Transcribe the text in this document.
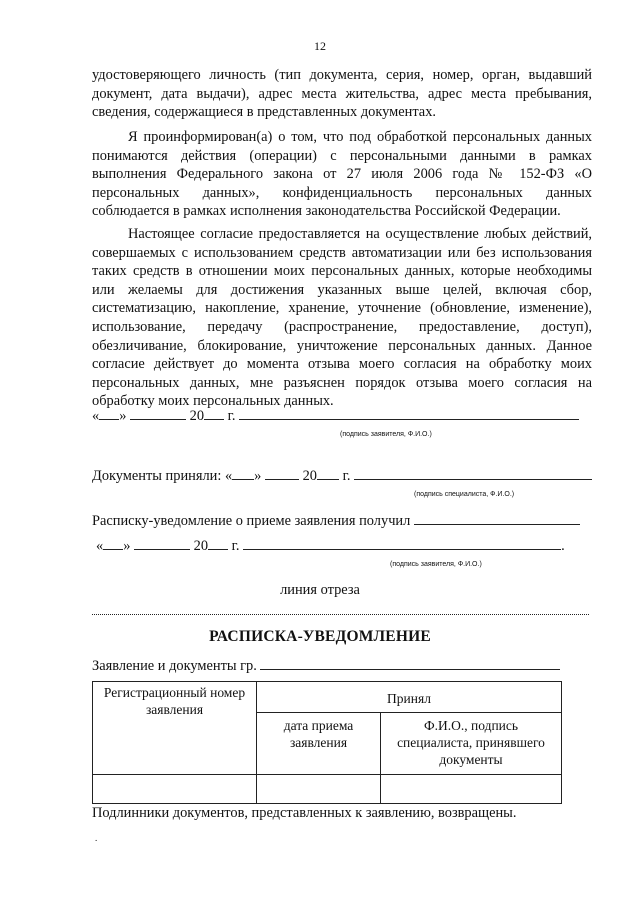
12
удостоверяющего личность (тип документа, серия, номер, орган, выдавший документ, дата выдачи), адрес места жительства, адрес места пребывания, сведения, содержащиеся в представленных документах.
Я проинформирован(а) о том, что под обработкой персональных данных понимаются действия (операции) с персональными данными в рамках выполнения Федерального закона от 27 июля 2006 года № 152-ФЗ «О персональных данных», конфиденциальность персональных данных соблюдается в рамках исполнения законодательства Российской Федерации.
Настоящее согласие предоставляется на осуществление любых действий, совершаемых с использованием средств автоматизации или без использования таких средств в отношении моих персональных данных, которые необходимы или желаемы для достижения указанных выше целей, включая сбор, систематизацию, накопление, хранение, уточнение (обновление, изменение), использование, передачу (распространение, предоставление, доступ), обезличивание, блокирование, уничтожение персональных данных. Данное согласие действует до момента отзыва моего согласия на обработку моих персональных данных, мне разъяснен порядок отзыва моего согласия на обработку моих персональных данных.
« »	20 г.
(подпись заявителя, Ф.И.О.)
Документы приняли: « »	20 г.
(подпись специалиста, Ф.И.О.)
Расписку-уведомление о приеме заявления получил
« »	20 г.	.
(подпись заявителя, Ф.И.О.)
линия отреза
РАСПИСКА-УВЕДОМЛЕНИЕ
Заявление и документы гр.
Регистрационный номер заявления	Принял	
	дата приема заявления	Ф.И.О., подпись специалиста, принявшего документы

Подлинники документов, представленных к заявлению, возвращены.
.
